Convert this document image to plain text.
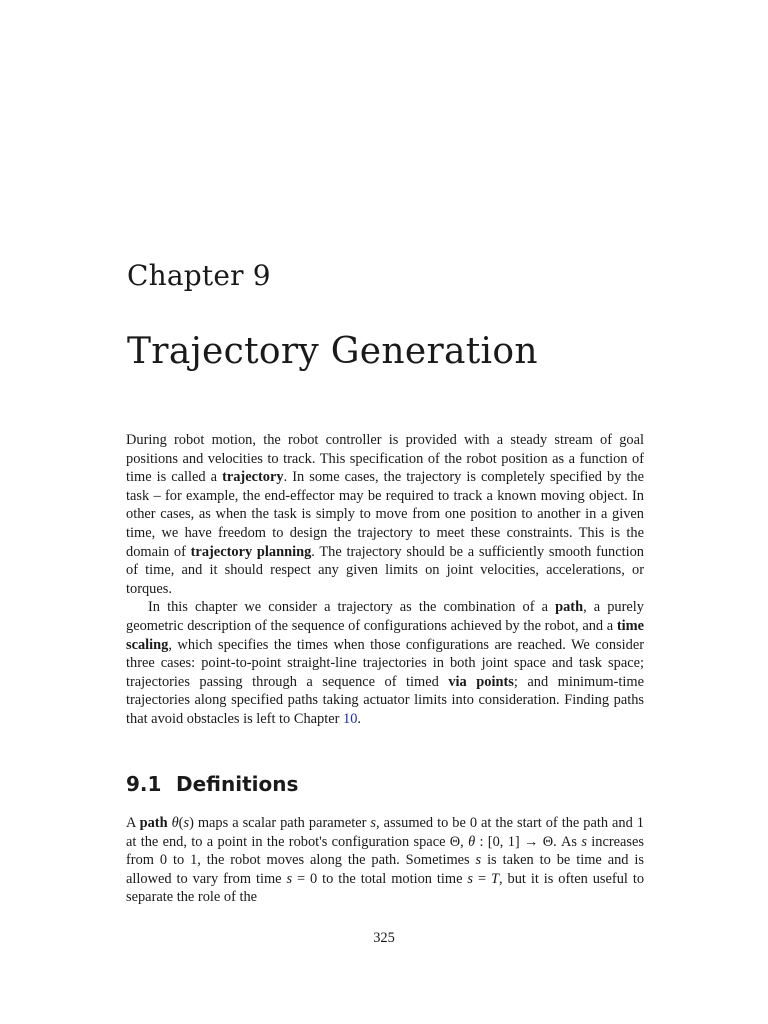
Chapter 9
Trajectory Generation

During robot motion, the robot controller is provided with a steady stream of goal positions and velocities to track. This specification of the robot position as a function of time is called a trajectory. In some cases, the trajectory is completely specified by the task – for example, the end-effector may be required to track a known moving object. In other cases, as when the task is simply to move from one position to another in a given time, we have freedom to design the trajectory to meet these constraints. This is the domain of trajectory planning. The trajectory should be a sufficiently smooth function of time, and it should respect any given limits on joint velocities, accelerations, or torques.

In this chapter we consider a trajectory as the combination of a path, a purely geometric description of the sequence of configurations achieved by the robot, and a time scaling, which specifies the times when those configurations are reached. We consider three cases: point-to-point straight-line trajectories in both joint space and task space; trajectories passing through a sequence of timed via points; and minimum-time trajectories along specified paths taking actuator limits into consideration. Finding paths that avoid obstacles is left to Chapter 10.

9.1 Definitions

A path θ(s) maps a scalar path parameter s, assumed to be 0 at the start of the path and 1 at the end, to a point in the robot's configuration space Θ, θ : [0, 1] → Θ. As s increases from 0 to 1, the robot moves along the path. Sometimes s is taken to be time and is allowed to vary from time s = 0 to the total motion time s = T, but it is often useful to separate the role of the

325
